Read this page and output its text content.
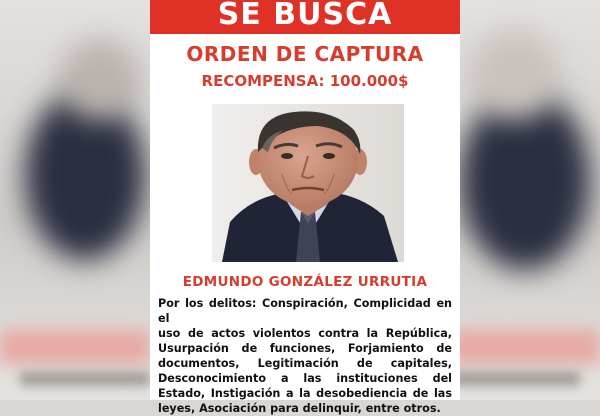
SE BUSCA
ORDEN DE CAPTURA
RECOMPENSA: 100.000$
EDMUNDO GONZÁLEZ URRUTIA
Por los delitos: Conspiración, Complicidad en el
uso de actos violentos contra la República,
Usurpación de funciones, Forjamiento de
documentos, Legitimación de capitales,
Desconocimiento a las instituciones del
Estado, Instigación a la desobediencia de las
leyes, Asociación para delinquir, entre otros.
